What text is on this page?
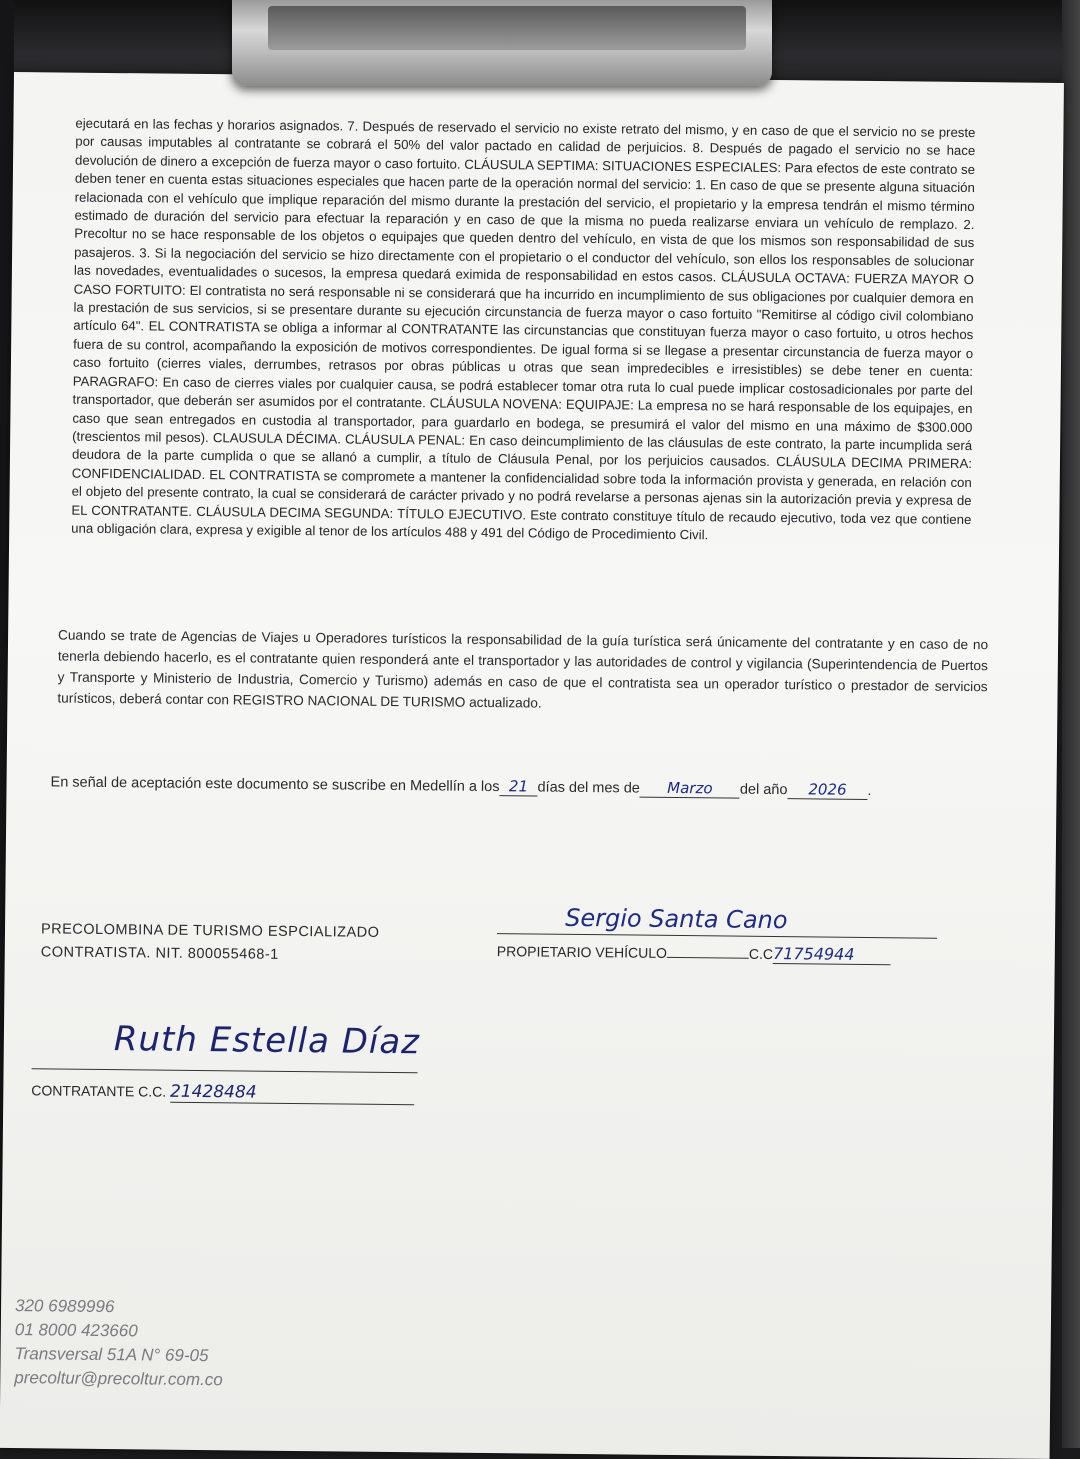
ejecutará en las fechas y horarios asignados. 7. Después de reservado el servicio no existe retrato del mismo, y en caso de que el servicio no se preste por causas imputables al contratante se cobrará el 50% del valor pactado en calidad de perjuicios. 8. Después de pagado el servicio no se hace devolución de dinero a excepción de fuerza mayor o caso fortuito. CLÁUSULA SEPTIMA: SITUACIONES ESPECIALES: Para efectos de este contrato se deben tener en cuenta estas situaciones especiales que hacen parte de la operación normal del servicio: 1. En caso de que se presente alguna situación relacionada con el vehículo que implique reparación del mismo durante la prestación del servicio, el propietario y la empresa tendrán el mismo término estimado de duración del servicio para efectuar la reparación y en caso de que la misma no pueda realizarse enviara un vehículo de remplazo. 2. Precoltur no se hace responsable de los objetos o equipajes que queden dentro del vehículo, en vista de que los mismos son responsabilidad de sus pasajeros. 3. Si la negociación del servicio se hizo directamente con el propietario o el conductor del vehículo, son ellos los responsables de solucionar las novedades, eventualidades o sucesos, la empresa quedará eximida de responsabilidad en estos casos. CLÁUSULA OCTAVA: FUERZA MAYOR O CASO FORTUITO: El contratista no será responsable ni se considerará que ha incurrido en incumplimiento de sus obligaciones por cualquier demora en la prestación de sus servicios, si se presentare durante su ejecución circunstancia de fuerza mayor o caso fortuito "Remitirse al código civil colombiano artículo 64". EL CONTRATISTA se obliga a informar al CONTRATANTE las circunstancias que constituyan fuerza mayor o caso fortuito, u otros hechos fuera de su control, acompañando la exposición de motivos correspondientes. De igual forma si se llegase a presentar circunstancia de fuerza mayor o caso fortuito (cierres viales, derrumbes, retrasos por obras públicas u otras que sean impredecibles e irresistibles) se debe tener en cuenta: PARAGRAFO: En caso de cierres viales por cualquier causa, se podrá establecer tomar otra ruta lo cual puede implicar costosadicionales por parte del transportador, que deberán ser asumidos por el contratante. CLÁUSULA NOVENA: EQUIPAJE: La empresa no se hará responsable de los equipajes, en caso que sean entregados en custodia al transportador, para guardarlo en bodega, se presumirá el valor del mismo en una máximo de $300.000 (trescientos mil pesos). CLAUSULA DÉCIMA. CLÁUSULA PENAL: En caso deincumplimiento de las cláusulas de este contrato, la parte incumplida será deudora de la parte cumplida o que se allanó a cumplir, a título de Cláusula Penal, por los perjuicios causados. CLÁUSULA DECIMA PRIMERA: CONFIDENCIALIDAD. EL CONTRATISTA se compromete a mantener la confidencialidad sobre toda la información provista y generada, en relación con el objeto del presente contrato, la cual se considerará de carácter privado y no podrá revelarse a personas ajenas sin la autorización previa y expresa de EL CONTRATANTE. CLÁUSULA DECIMA SEGUNDA: TÍTULO EJECUTIVO. Este contrato constituye título de recaudo ejecutivo, toda vez que contiene una obligación clara, expresa y exigible al tenor de los artículos 488 y 491 del Código de Procedimiento Civil.
Cuando se trate de Agencias de Viajes u Operadores turísticos la responsabilidad de la guía turística será únicamente del contratante y en caso de no tenerla debiendo hacerlo, es el contratante quien responderá ante el transportador y las autoridades de control y vigilancia (Superintendencia de Puertos y Transporte y Ministerio de Industria, Comercio y Turismo) además en caso de que el contratista sea un operador turístico o prestador de servicios turísticos, deberá contar con REGISTRO NACIONAL DE TURISMO actualizado.
En señal de aceptación este documento se suscribe en Medellín a los 21 días del mes de Marzo del año 2026 .
PRECOLOMBINA DE TURISMO ESPCIALIZADO
CONTRATISTA. NIT. 800055468-1
Sergio Santa Cano
PROPIETARIO VEHÍCULO	C.C71754944
Ruth Estella Díaz
CONTRATANTE C.C. 21428484
320 6989996
01 8000 423660
Transversal 51A N° 69-05
precoltur@precoltur.com.co
